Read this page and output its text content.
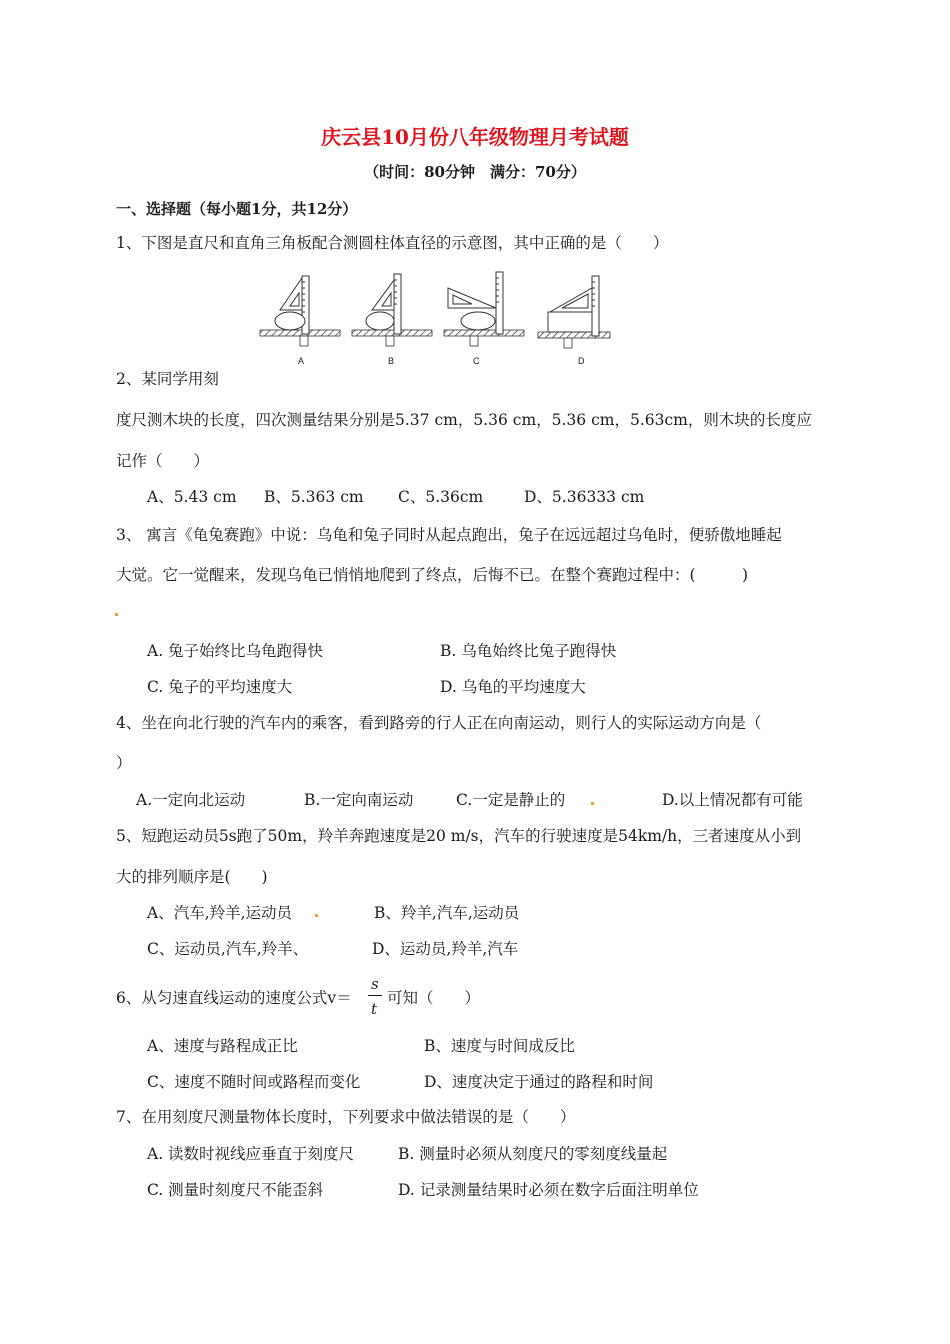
庆云县10月份八年级物理月考试题
（时间：80分钟　满分：70分）
一、选择题（每小题1分，共12分）
1、下图是直尺和直角三角板配合测圆柱体直径的示意图，其中正确的是（　　）
A	B	C	D
2、某同学用刻
度尺测木块的长度，四次测量结果分别是5.37 cm，5.36 cm，5.36 cm，5.63cm，则木块的长度应
记作（　　）
A、5.43 cm B、5.363 cm C、5.36cm	D、5.36333 cm
3、 寓言《龟兔赛跑》中说：乌龟和兔子同时从起点跑出，兔子在远远超过乌龟时，便骄傲地睡起
大觉。它一觉醒来，发现乌龟已悄悄地爬到了终点，后悔不已。在整个赛跑过程中：(　　　)
A. 兔子始终比乌龟跑得快	B. 乌龟始终比兔子跑得快
C. 兔子的平均速度大	D. 乌龟的平均速度大
4、坐在向北行驶的汽车内的乘客，看到路旁的行人正在向南运动，则行人的实际运动方向是（
）
A.一定向北运动	B.一定向南运动	C.一定是静止的	D.以上情况都有可能
5、短跑运动员5s跑了50m，羚羊奔跑速度是20 m/s，汽车的行驶速度是54km/h，三者速度从小到
大的排列顺序是(　　)
A、汽车,羚羊,运动员	B、羚羊,汽车,运动员
C、运动员,汽车,羚羊、	D、运动员,羚羊,汽车
6、从匀速直线运动的速度公式v＝
s
t
可知（　　）
A、速度与路程成正比	B、速度与时间成反比
C、速度不随时间或路程而变化	D、速度决定于通过的路程和时间
7、在用刻度尺测量物体长度时，下列要求中做法错误的是（　　）
A. 读数时视线应垂直于刻度尺	B. 测量时必须从刻度尺的零刻度线量起
C. 测量时刻度尺不能歪斜	D. 记录测量结果时必须在数字后面注明单位
